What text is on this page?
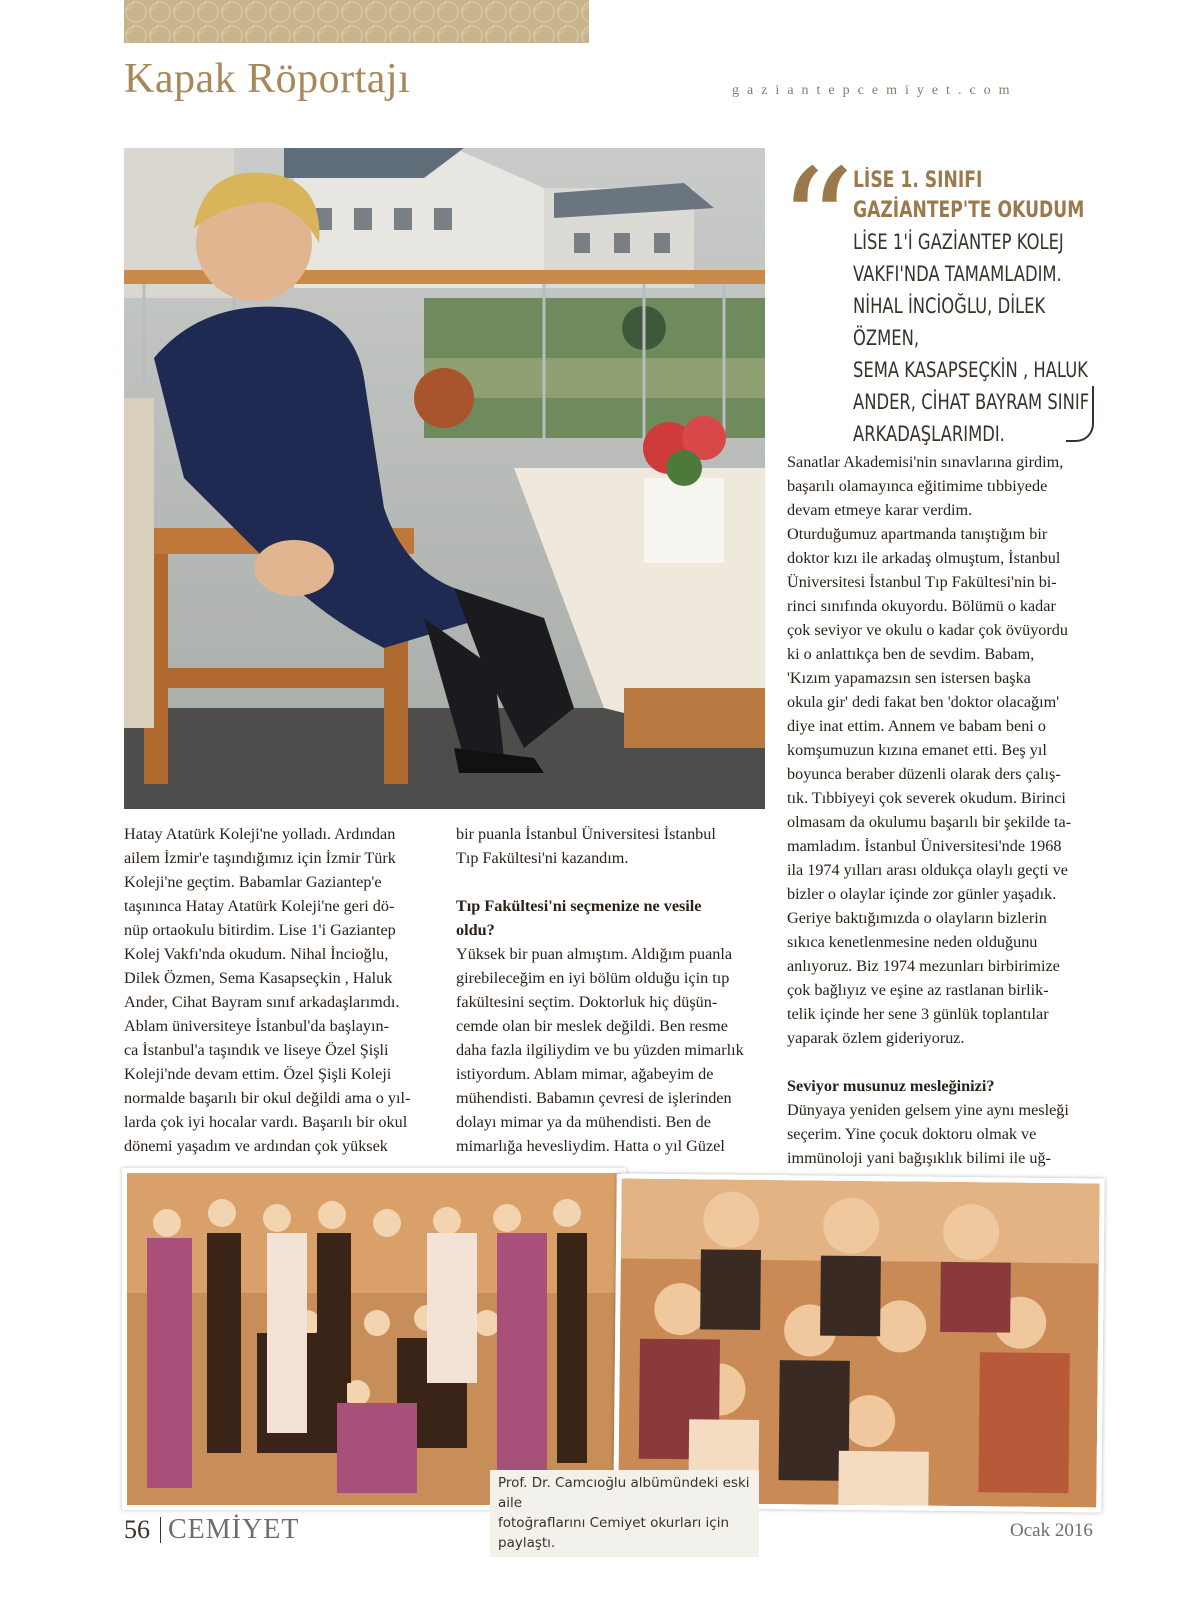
Kapak Röportajı	gaziantepcemiyet.com
“
LİSE 1. SINIFI
GAZİANTEP'TE OKUDUM
LİSE 1'İ GAZİANTEP KOLEJ
VAKFI'NDA TAMAMLADIM.
NİHAL İNCİOĞLU, DİLEK ÖZMEN,
SEMA KASAPSEÇKİN , HALUK
ANDER, CİHAT BAYRAM SINIF
ARKADAŞLARIMDI.

Hatay Atatürk Koleji'ne yolladı. Ardından

ailem İzmir'e taşındığımız için İzmir Türk

Koleji'ne geçtim. Babamlar Gaziantep'e

taşınınca Hatay Atatürk Koleji'ne geri dö-

nüp ortaokulu bitirdim. Lise 1'i Gaziantep

Kolej Vakfı'nda okudum. Nihal İncioğlu,

Dilek Özmen, Sema Kasapseçkin , Haluk

Ander, Cihat Bayram sınıf arkadaşlarımdı.

Ablam üniversiteye İstanbul'da başlayın-

ca İstanbul'a taşındık ve liseye Özel Şişli

Koleji'nde devam ettim. Özel Şişli Koleji

normalde başarılı bir okul değildi ama o yıl-

larda çok iyi hocalar vardı. Başarılı bir okul

dönemi yaşadım ve ardından çok yüksek

bir puanla İstanbul Üniversitesi İstanbul

Tıp Fakültesi'ni kazandım.

Tıp Fakültesi'ni seçmenize ne vesile
oldu?

Yüksek bir puan almıştım. Aldığım puanla

girebileceğim en iyi bölüm olduğu için tıp

fakültesini seçtim. Doktorluk hiç düşün-

cemde olan bir meslek değildi. Ben resme

daha fazla ilgiliydim ve bu yüzden mimarlık

istiyordum. Ablam mimar, ağabeyim de

mühendisti. Babamın çevresi de işlerinden

dolayı mimar ya da mühendisti. Ben de

mimarlığa hevesliydim. Hatta o yıl Güzel

Sanatlar Akademisi'nin sınavlarına girdim,

başarılı olamayınca eğitimime tıbbiyede

devam etmeye karar verdim.

Oturduğumuz apartmanda tanıştığım bir

doktor kızı ile arkadaş olmuştum, İstanbul

Üniversitesi İstanbul Tıp Fakültesi'nin bi-

rinci sınıfında okuyordu. Bölümü o kadar

çok seviyor ve okulu o kadar çok övüyordu

ki o anlattıkça ben de sevdim. Babam,

'Kızım yapamazsın sen istersen başka

okula gir' dedi fakat ben 'doktor olacağım'

diye inat ettim. Annem ve babam beni o

komşumuzun kızına emanet etti. Beş yıl

boyunca beraber düzenli olarak ders çalış-

tık. Tıbbiyeyi çok severek okudum. Birinci

olmasam da okulumu başarılı bir şekilde ta-

mamladım. İstanbul Üniversitesi'nde 1968

ila 1974 yılları arası oldukça olaylı geçti ve

bizler o olaylar içinde zor günler yaşadık.

Geriye baktığımızda o olayların bizlerin

sıkıca kenetlenmesine neden olduğunu

anlıyoruz. Biz 1974 mezunları birbirimize

çok bağlıyız ve eşine az rastlanan birlik-

telik içinde her sene 3 günlük toplantılar

yaparak özlem gideriyoruz.

Seviyor musunuz mesleğinizi?

Dünyaya yeniden gelsem yine aynı mesleği

seçerim. Yine çocuk doktoru olmak ve

immünoloji yani bağışıklık bilimi ile uğ-

Prof. Dr. Camcıoğlu albümündeki eski aile
fotoğraflarını Cemiyet okurları için paylaştı.
56 CEMİYET	Ocak 2016
